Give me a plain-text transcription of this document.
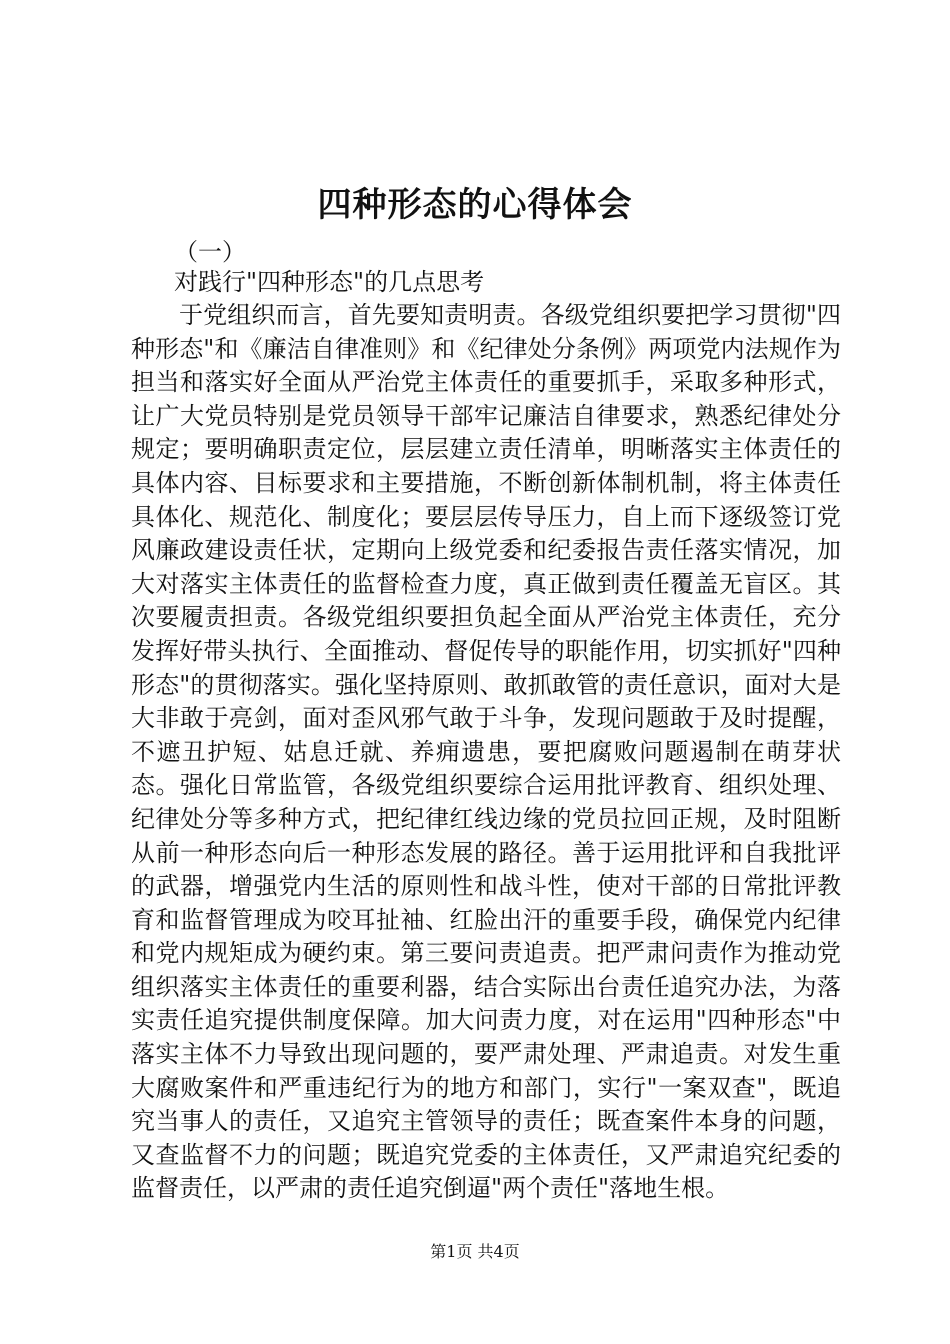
四种形态的心得体会
（一）
对践行"四种形态"的几点思考

于党组织而言，首先要知责明责。各级党组织要把学习贯彻"四种形态"和《廉洁自律准则》和《纪律处分条例》两项党内法规作为担当和落实好全面从严治党主体责任的重要抓手，采取多种形式，让广大党员特别是党员领导干部牢记廉洁自律要求，熟悉纪律处分规定；要明确职责定位，层层建立责任清单，明晰落实主体责任的具体内容、目标要求和主要措施，不断创新体制机制，将主体责任具体化、规范化、制度化；要层层传导压力，自上而下逐级签订党风廉政建设责任状，定期向上级党委和纪委报告责任落实情况，加大对落实主体责任的监督检查力度，真正做到责任覆盖无盲区。其次要履责担责。各级党组织要担负起全面从严治党主体责任，充分发挥好带头执行、全面推动、督促传导的职能作用，切实抓好"四种形态"的贯彻落实。强化坚持原则、敢抓敢管的责任意识，面对大是大非敢于亮剑，面对歪风邪气敢于斗争，发现问题敢于及时提醒，不遮丑护短、姑息迁就、养痈遗患，要把腐败问题遏制在萌芽状态。强化日常监管，各级党组织要综合运用批评教育、组织处理、纪律处分等多种方式，把纪律红线边缘的党员拉回正规，及时阻断从前一种形态向后一种形态发展的路径。善于运用批评和自我批评的武器，增强党内生活的原则性和战斗性，使对干部的日常批评教育和监督管理成为咬耳扯袖、红脸出汗的重要手段，确保党内纪律和党内规矩成为硬约束。第三要问责追责。把严肃问责作为推动党组织落实主体责任的重要利器，结合实际出台责任追究办法，为落实责任追究提供制度保障。加大问责力度，对在运用"四种形态"中落实主体不力导致出现问题的，要严肃处理、严肃追责。对发生重大腐败案件和严重违纪行为的地方和部门，实行"一案双查"，既追究当事人的责任，又追究主管领导的责任；既查案件本身的问题，又查监督不力的问题；既追究党委的主体责任，又严肃追究纪委的监督责任，以严肃的责任追究倒逼"两个责任"落地生根。

第1页 共4页
